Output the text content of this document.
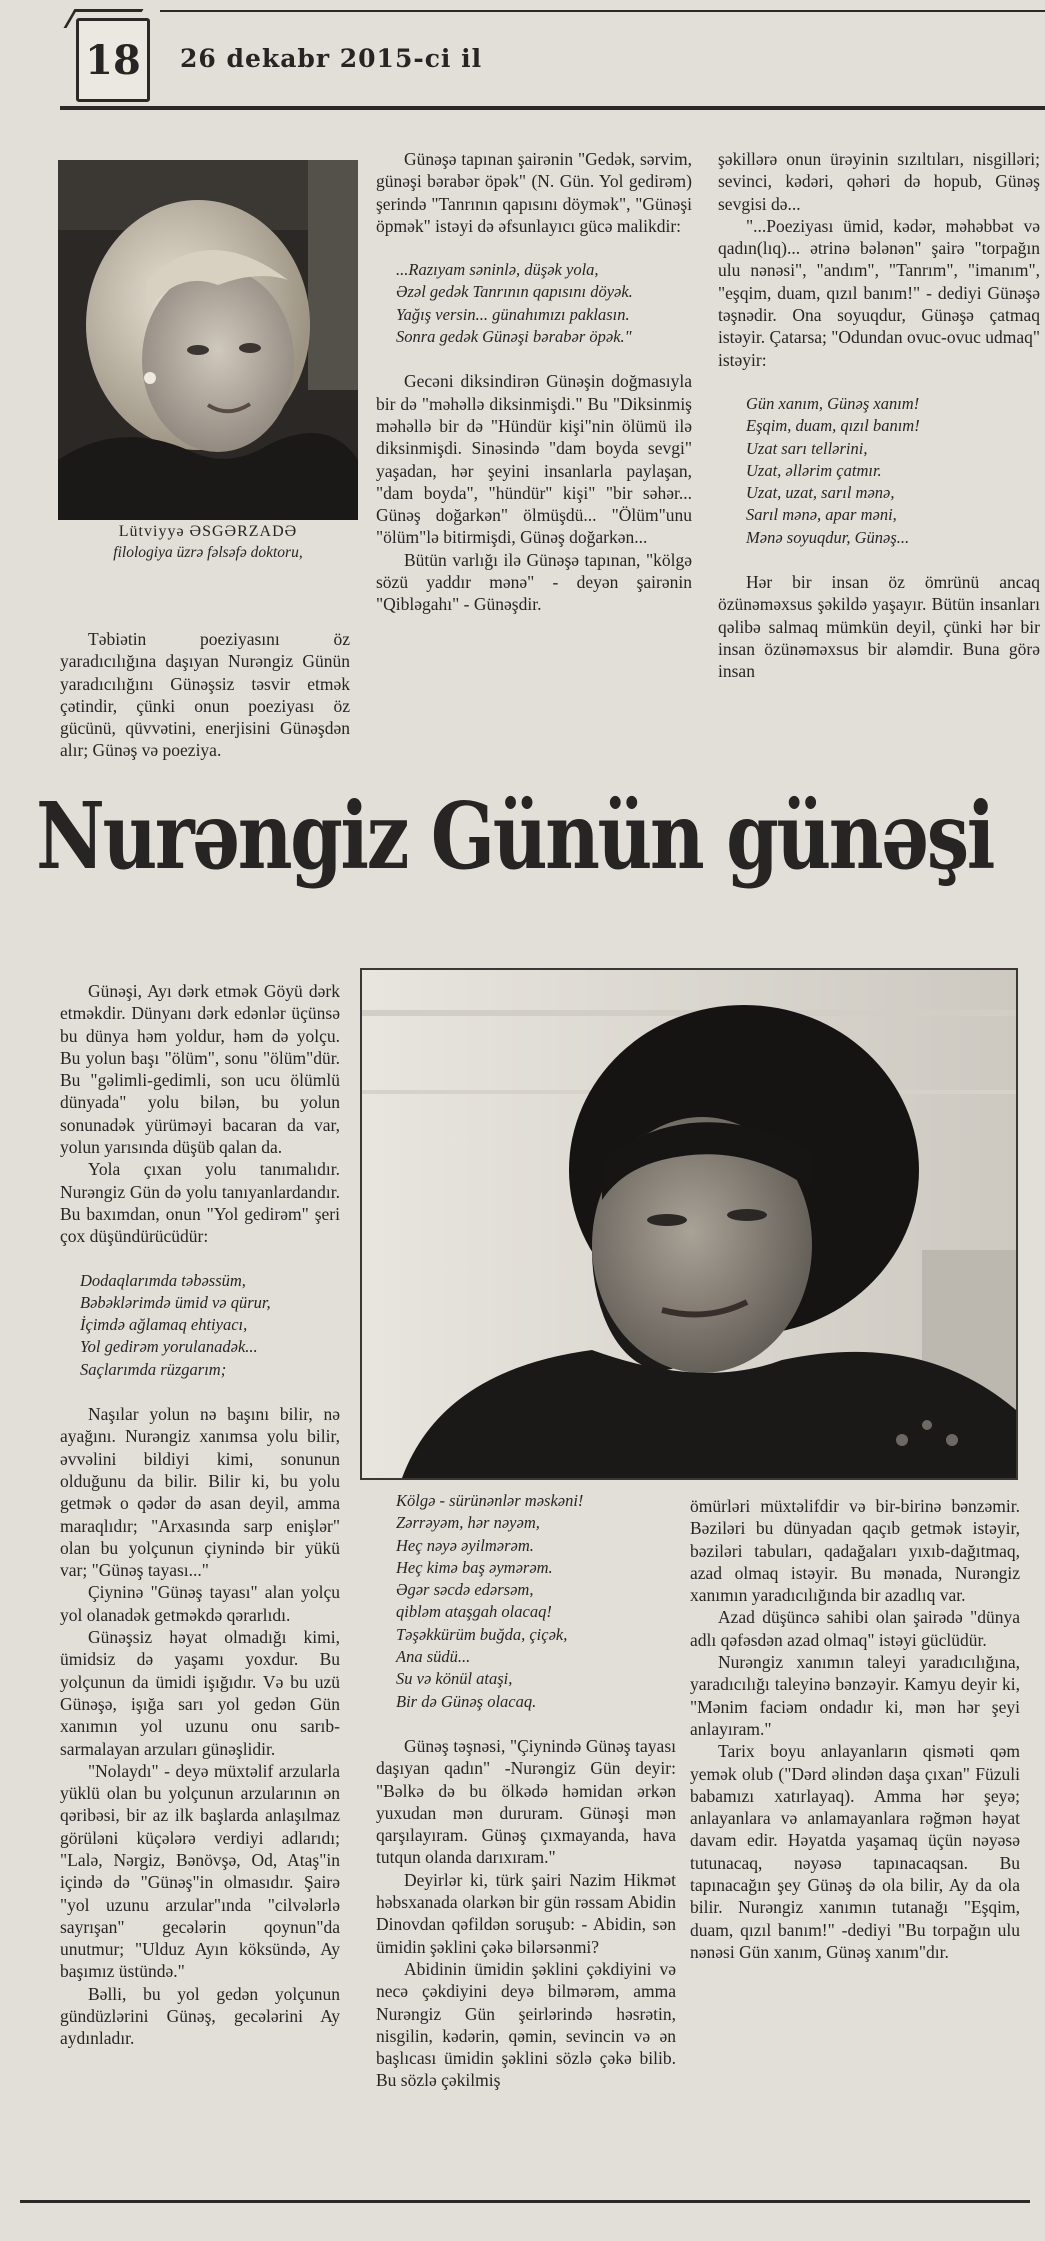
18 26 dekabr 2015-ci il
Lütviyyə ƏSGƏRZADƏ
filologiya üzrə fəlsəfə doktoru,

Təbiətin poeziyasını öz yaradıcılığına daşıyan Nurəngiz Günün yaradıcılığını Günəşsiz təsvir etmək çətindir, çünki onun poeziyası öz gücünü, qüvvətini, enerjisini Günəşdən alır; Günəş və poeziya.

Günəşə tapınan şairənin "Gedək, sərvim, günəşi bərabər öpək" (N. Gün. Yol gedirəm) şerində "Tanrının qapısını döymək", "Günəşi öpmək" istəyi də əfsunlayıcı gücə malikdir:

...Razıyam səninlə, düşək yola,
Əzəl gedək Tanrının qapısını döyək.
Yağış versin... günahımızı paklasın.
Sonra gedək Günəşi bərabər öpək."

Gecəni diksindirən Günəşin doğmasıyla bir də "məhəllə diksinmişdi." Bu "Diksinmiş məhəllə bir də "Hündür kişi"nin ölümü ilə diksinmişdi. Sinəsində "dam boyda sevgi" yaşadan, hər şeyini insanlarla paylaşan, "dam boyda", "hündür" kişi" "bir səhər... Günəş doğarkən" ölmüşdü... "Ölüm"unu "ölüm"lə bitirmişdi, Günəş doğarkən...

Bütün varlığı ilə Günəşə tapınan, "kölgə sözü yaddır mənə" - deyən şairənin "Qibləgahı" - Günəşdir.

şəkillərə onun ürəyinin sızıltıları, nisgilləri; sevinci, kədəri, qəhəri də hopub, Günəş sevgisi də...

"...Poeziyası ümid, kədər, məhəbbət və qadın(lıq)... ətrinə bələnən" şairə "torpağın ulu nənəsi", "andım", "Tanrım", "imanım", "eşqim, duam, qızıl banım!" - dediyi Günəşə təşnədir. Ona soyuqdur, Günəşə çatmaq istəyir. Çatarsa; "Odundan ovuc-ovuc udmaq" istəyir:

Gün xanım, Günəş xanım!
Eşqim, duam, qızıl banım!
Uzat sarı tellərini,
Uzat, əllərim çatmır.
Uzat, uzat, sarıl mənə,
Sarıl mənə, apar məni,
Mənə soyuqdur, Günəş...

Hər bir insan öz ömrünü ancaq özünəməxsus şəkildə yaşayır. Bütün insanları qəlibə salmaq mümkün deyil, çünki hər bir insan özünəməxsus bir aləmdir. Buna görə insan

Nurəngiz Günün günəşi

Günəşi, Ayı dərk etmək Göyü dərk etməkdir. Dünyanı dərk edənlər üçünsə bu dünya həm yoldur, həm də yolçu. Bu yolun başı "ölüm", sonu "ölüm"dür. Bu "gəlimli-gedimli, son ucu ölümlü dünyada" yolu bilən, bu yolun sonunadək yürüməyi bacaran da var, yolun yarısında düşüb qalan da.

Yola çıxan yolu tanımalıdır. Nurəngiz Gün də yolu tanıyanlardandır. Bu baxımdan, onun "Yol gedirəm" şeri çox düşündürücüdür:

Dodaqlarımda təbəssüm,
Bəbəklərimdə ümid və qürur,
İçimdə ağlamaq ehtiyacı,
Yol gedirəm yorulanadək...
Saçlarımda rüzgarım;

Naşılar yolun nə başını bilir, nə ayağını. Nurəngiz xanımsa yolu bilir, əvvəlini bildiyi kimi, sonunun olduğunu da bilir. Bilir ki, bu yolu getmək o qədər də asan deyil, amma maraqlıdır; "Arxasında sarp enişlər" olan bu yolçunun çiynində bir yükü var; "Günəş tayası..."

Çiyninə "Günəş tayası" alan yolçu yol olanadək getməkdə qərarlıdı.

Günəşsiz həyat olmadığı kimi, ümidsiz də yaşamı yoxdur. Bu yolçunun da ümidi işığıdır. Və bu uzü Günəşə, işığa sarı yol gedən Gün xanımın yol uzunu onu sarıb-sarmalayan arzuları günəşlidir.

"Nolaydı" - deyə müxtəlif arzularla yüklü olan bu yolçunun arzularının ən qəribəsi, bir az ilk başlarda anlaşılmaz görüləni küçələrə verdiyi adlarıdı; "Lalə, Nərgiz, Bənövşə, Od, Ataş"in içində də "Günəş"in olmasıdır. Şairə "yol uzunu arzular"ında "cilvələrlə sayrışan" gecələrin qoynun"da unutmur; "Ulduz Ayın köksündə, Ay başımız üstündə."

Bəlli, bu yol gedən yolçunun gündüzlərini Günəş, gecələrini Ay aydınladır.

Kölgə - sürünənlər məskəni!
Zərrəyəm, hər nəyəm,
Heç nəyə əyilmərəm.
Heç kimə baş əymərəm.
Əgər səcdə edərsəm,
qibləm ataşgah olacaq!
Təşəkkürüm buğda, çiçək,
Ana südü...
Su və könül ataşi,
Bir də Günəş olacaq.

Günəş təşnəsi, "Çiynində Günəş tayası daşıyan qadın" -Nurəngiz Gün deyir: "Bəlkə də bu ölkədə həmidan ərkən yuxudan mən dururam. Günəşi mən qarşılayıram. Günəş çıxmayanda, hava tutqun olanda darıxıram."

Deyirlər ki, türk şairi Nazim Hikmət həbsxanada olarkən bir gün rəssam Abidin Dinovdan qəfildən soruşub: - Abidin, sən ümidin şəklini çəkə bilərsənmi?

Abidinin ümidin şəklini çəkdiyini və necə çəkdiyini deyə bilmərəm, amma Nurəngiz Gün şeirlərində həsrətin, nisgilin, kədərin, qəmin, sevincin və ən başlıcası ümidin şəklini sözlə çəkə bilib. Bu sözlə çəkilmiş

ömürləri müxtəlifdir və bir-birinə bənzəmir. Bəziləri bu dünyadan qaçıb getmək istəyir, bəziləri tabuları, qadağaları yıxıb-dağıtmaq, azad olmaq istəyir. Bu mənada, Nurəngiz xanımın yaradıcılığında bir azadlıq var.

Azad düşüncə sahibi olan şairədə "dünya adlı qəfəsdən azad olmaq" istəyi güclüdür.

Nurəngiz xanımın taleyi yaradıcılığına, yaradıcılığı taleyinə bənzəyir. Kamyu deyir ki, "Mənim faciəm ondadır ki, mən hər şeyi anlayıram."

Tarix boyu anlayanların qisməti qəm yemək olub ("Dərd əlindən daşa çıxan" Füzuli babamızı xatırlayaq). Amma hər şeyə; anlayanlara və anlamayanlara rəğmən həyat davam edir. Həyatda yaşamaq üçün nəyəsə tutunacaq, nəyəsə tapınacaqsan. Bu tapınacağın şey Günəş də ola bilir, Ay da ola bilir. Nurəngiz xanımın tutanağı "Eşqim, duam, qızıl banım!" -dediyi "Bu torpağın ulu nənəsi Gün xanım, Günəş xanım"dır.
